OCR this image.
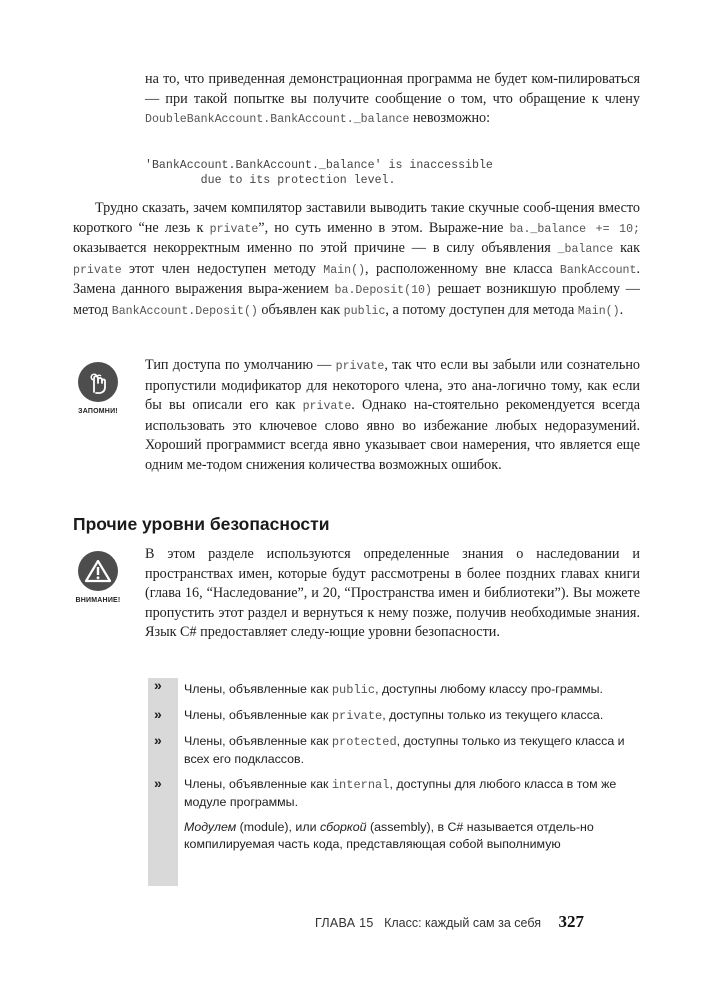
на то, что приведенная демонстрационная программа не будет ком-пилироваться — при такой попытке вы получите сообщение о том, что обращение к члену DoubleBankAccount.BankAccount._balance невозможно:

'BankAccount.BankAccount._balance' is inaccessible
due to its protection level.

Трудно сказать, зачем компилятор заставили выводить такие скучные сооб-щения вместо короткого “не лезь к private”, но суть именно в этом. Выраже-ние ba._balance += 10; оказывается некорректным именно по этой причине — в силу объявления _balance как private этот член недоступен методу Main(), расположенному вне класса BankAccount. Замена данного выражения выра-жением ba.Deposit(10) решает возникшую проблему — метод BankAccount.Deposit() объявлен как public, а потому доступен для метода Main().

ЗАПОМНИ!

Тип доступа по умолчанию — private, так что если вы забыли или сознательно пропустили модификатор для некоторого члена, это ана-логично тому, как если бы вы описали его как private. Однако на-стоятельно рекомендуется всегда использовать это ключевое слово явно во избежание любых недоразумений. Хороший программист всегда явно указывает свои намерения, что является еще одним ме-тодом снижения количества возможных ошибок.

Прочие уровни безопасности
ВНИМАНИЕ!

В этом разделе используются определенные знания о наследовании и пространствах имен, которые будут рассмотрены в более поздних главах книги (глава 16, “Наследование”, и 20, “Пространства имен и библиотеки”). Вы можете пропустить этот раздел и вернуться к нему позже, получив необходимые знания. Язык C# предоставляет следу-ющие уровни безопасности.

» Члены, объявленные как public, доступны любому классу про-граммы.
» Члены, объявленные как private, доступны только из текущего класса.
» Члены, объявленные как protected, доступны только из текущего класса и всех его подклассов.
» Члены, объявленные как internal, доступны для любого класса в том же модуле программы.
Модулем (module), или сборкой (assembly), в C# называется отдель-но компилируемая часть кода, представляющая собой выполнимую
ГЛАВА 15 Класс: каждый сам за себя 327
